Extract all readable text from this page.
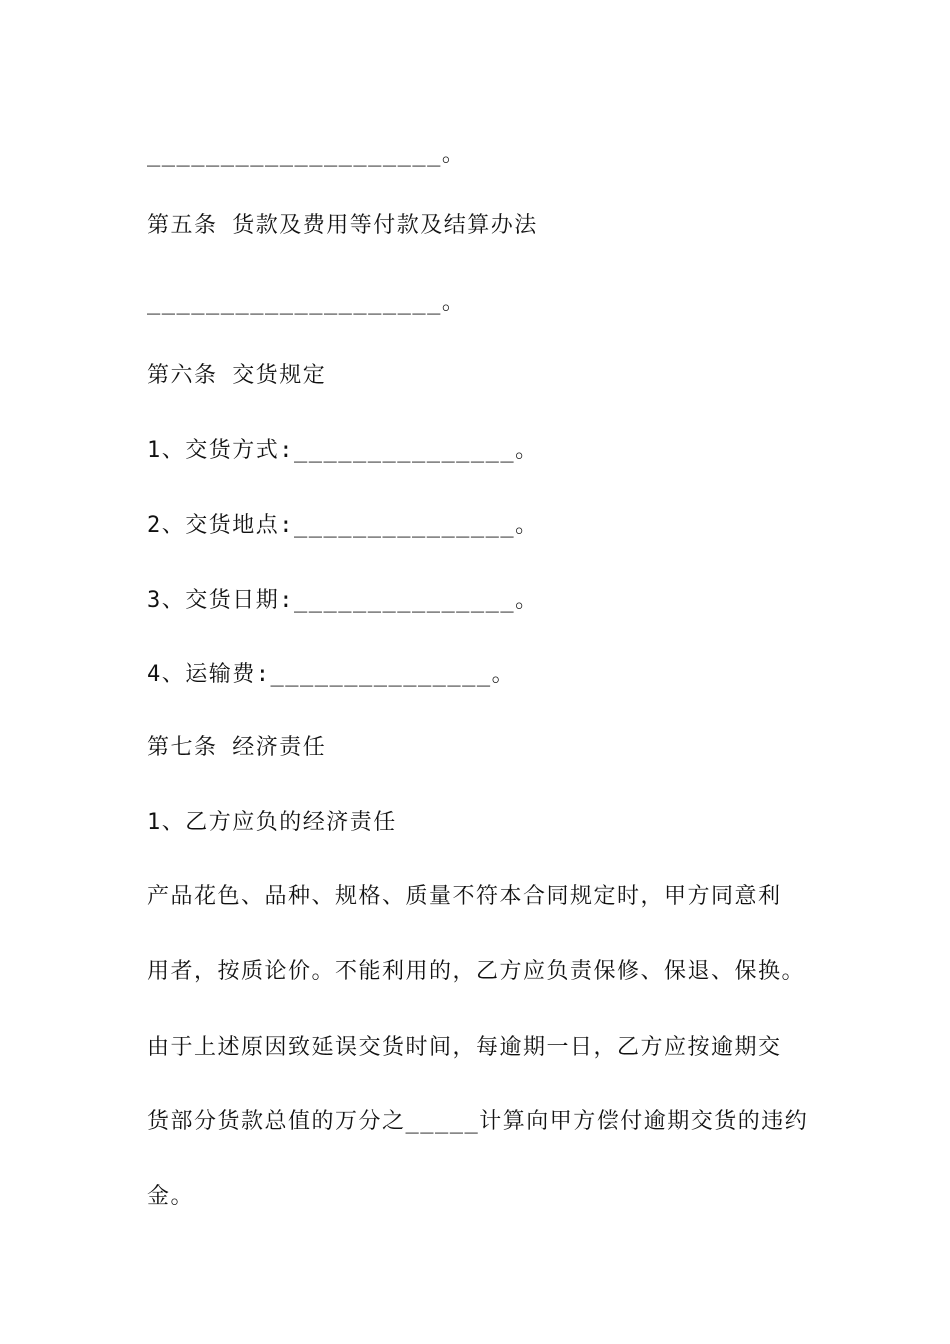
____________________。
第五条 货款及费用等付款及结算办法
____________________。
第六条 交货规定
1、交货方式:_______________。
2、交货地点:_______________。
3、交货日期:_______________。
4、运输费:_______________。
第七条 经济责任
1、乙方应负的经济责任
产品花色、品种、规格、质量不符本合同规定时，甲方同意利
用者，按质论价。不能利用的，乙方应负责保修、保退、保换。
由于上述原因致延误交货时间，每逾期一日，乙方应按逾期交
货部分货款总值的万分之_____计算向甲方偿付逾期交货的违约
金。
